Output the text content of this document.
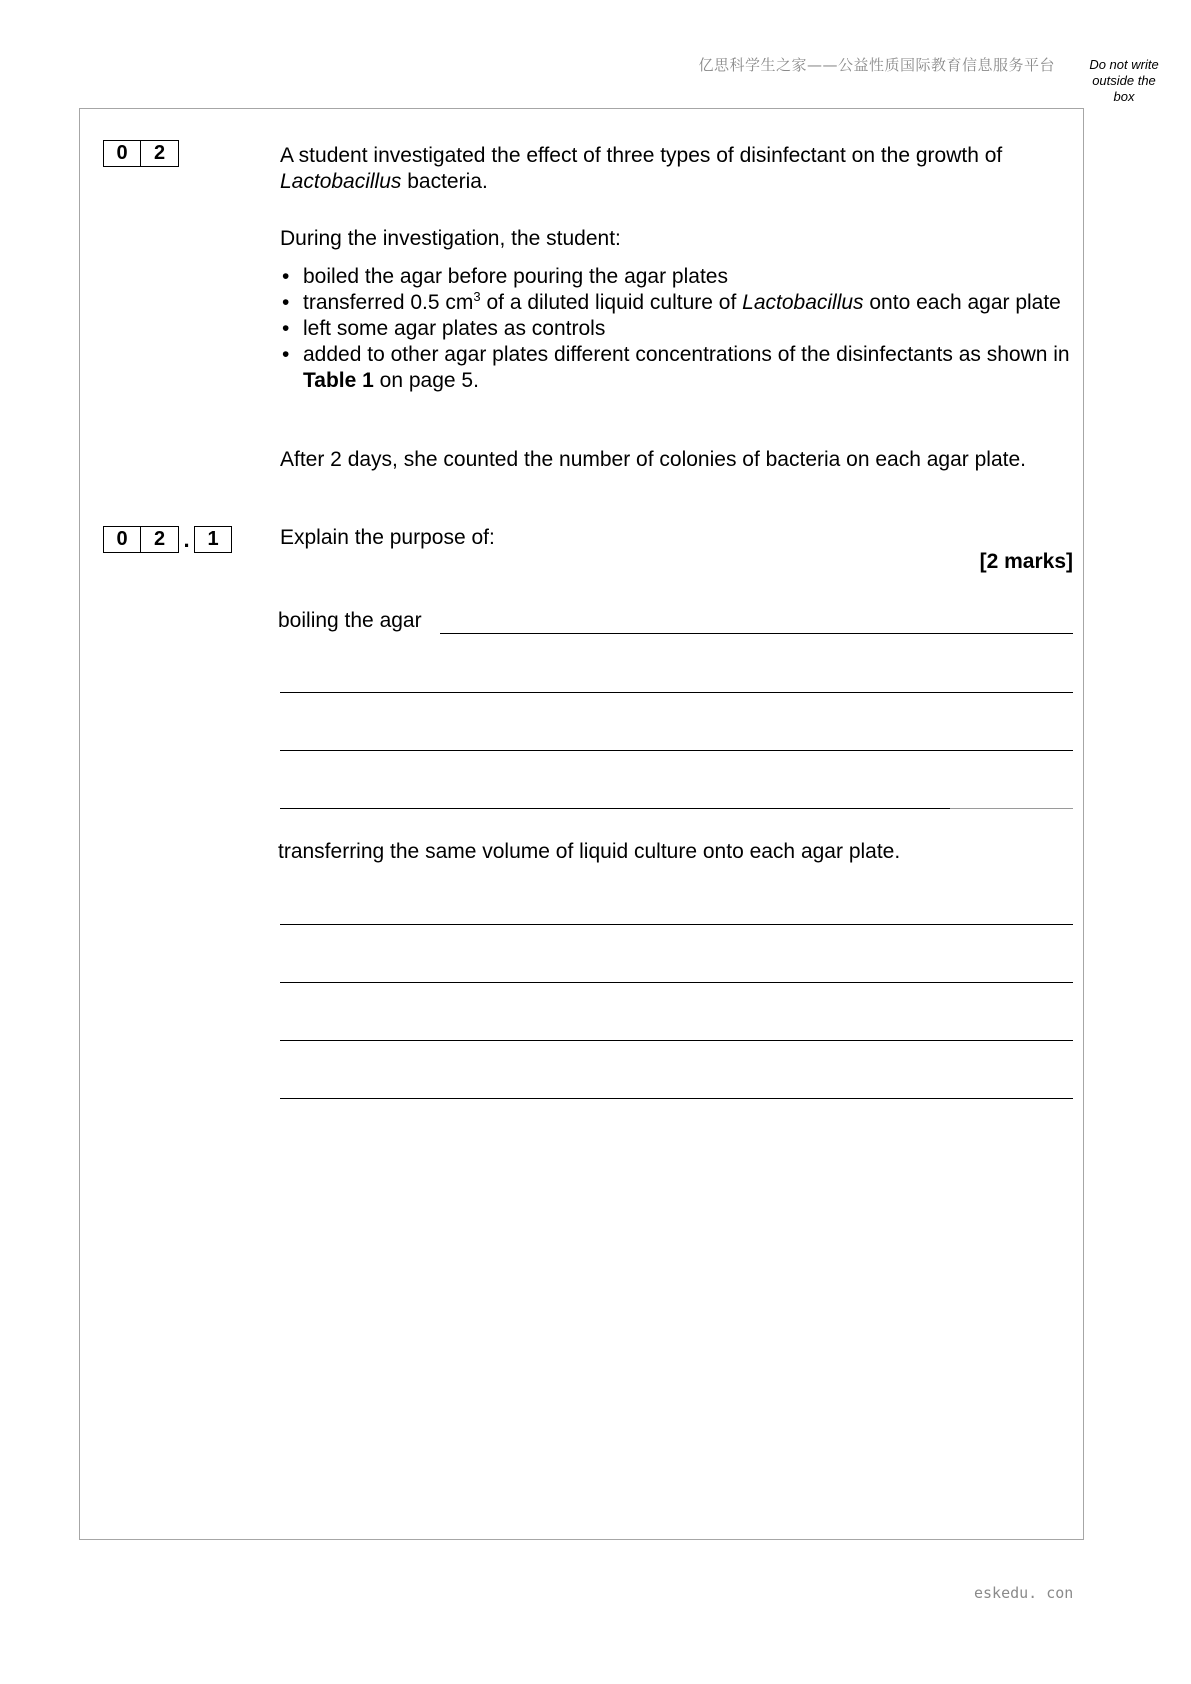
亿思科学生之家——公益性质国际教育信息服务平台	Do not write
outside the
box
0	2	A student investigated the effect of three types of disinfectant on the growth of Lactobacillus bacteria.
During the investigation, the student:
• boiled the agar before pouring the agar plates
• transferred 0.5 $cm^3$ of a diluted liquid culture of Lactobacillus onto each agar plate
• left some agar plates as controls
• added to other agar plates different concentrations of the disinfectants as shown in Table 1 on page 5.
After 2 days, she counted the number of colonies of bacteria on each agar plate.
0	2 . 1	Explain the purpose of:
[2 marks]
boiling the agar
transferring the same volume of liquid culture onto each agar plate.
eskedu. con
